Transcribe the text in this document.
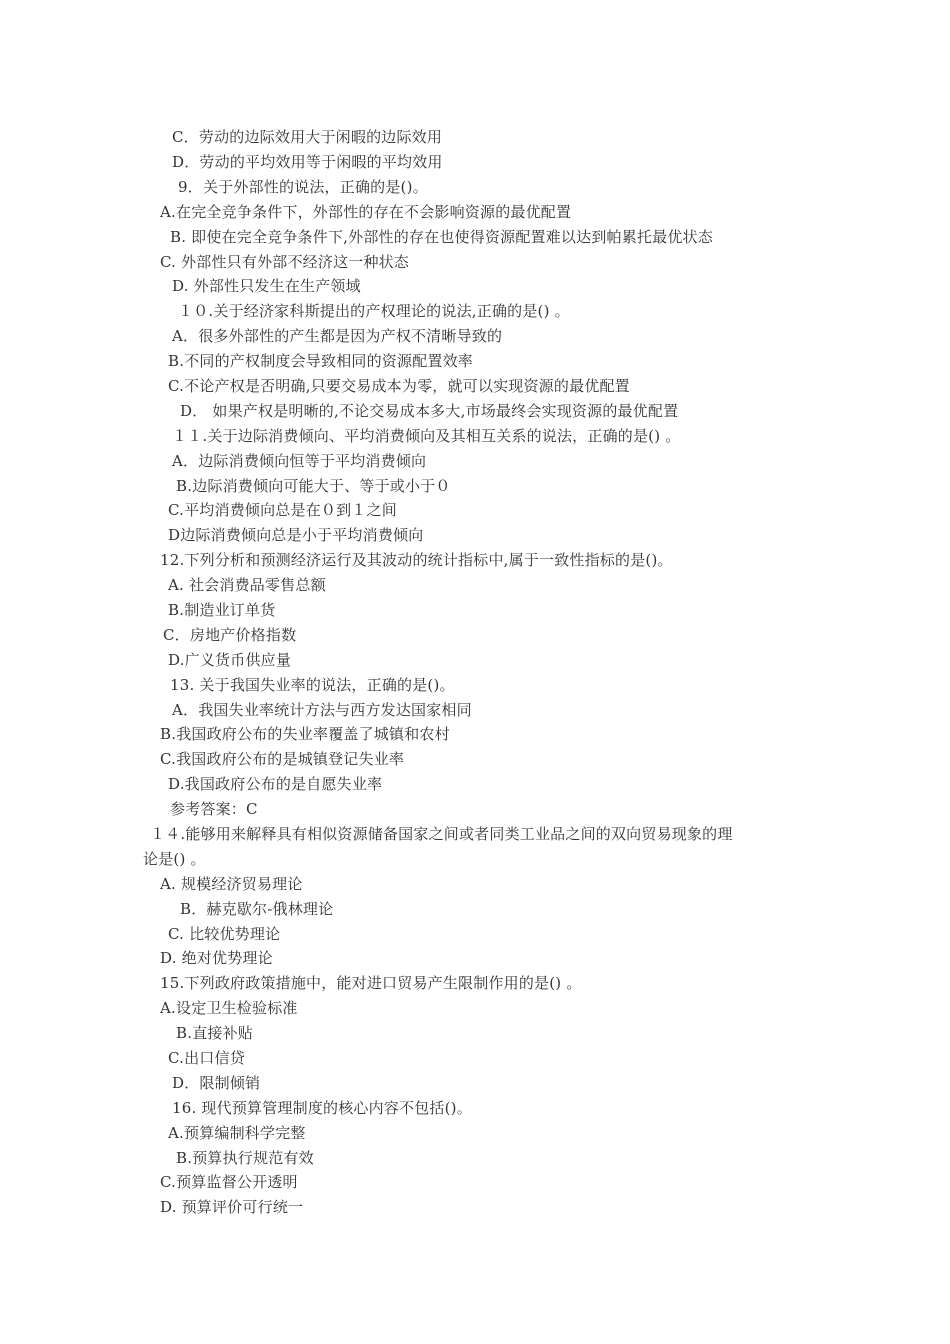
C．劳动的边际效用大于闲暇的边际效用
D．劳动的平均效用等于闲暇的平均效用
9．关于外部性的说法，正确的是()。
A.在完全竞争条件下，外部性的存在不会影响资源的最优配置
B. 即使在完全竞争条件下,外部性的存在也使得资源配置难以达到帕累托最优状态
C. 外部性只有外部不经济这一种状态
D. 外部性只发生在生产领域
１０.关于经济家科斯提出的产权理论的说法,正确的是() 。
A．很多外部性的产生都是因为产权不清晰导致的
B.不同的产权制度会导致相同的资源配置效率
C.不论产权是否明确,只要交易成本为零，就可以实现资源的最优配置
D． 如果产权是明晰的,不论交易成本多大,市场最终会实现资源的最优配置
１１.关于边际消费倾向、平均消费倾向及其相互关系的说法，正确的是() 。
A．边际消费倾向恒等于平均消费倾向
B.边际消费倾向可能大于、等于或小于０
C.平均消费倾向总是在０到１之间
D边际消费倾向总是小于平均消费倾向
12.下列分析和预测经济运行及其波动的统计指标中,属于一致性指标的是()。
A. 社会消费品零售总额
B.制造业订单货
C．房地产价格指数
D.广义货币供应量
13. 关于我国失业率的说法，正确的是()。
A．我国失业率统计方法与西方发达国家相同
B.我国政府公布的失业率覆盖了城镇和农村
C.我国政府公布的是城镇登记失业率
D.我国政府公布的是自愿失业率
参考答案：C
１４.能够用来解释具有相似资源储备国家之间或者同类工业品之间的双向贸易现象的理
论是() 。
A. 规模经济贸易理论
B．赫克歇尔-俄林理论
C. 比较优势理论
D. 绝对优势理论
15.下列政府政策措施中，能对进口贸易产生限制作用的是() 。
A.设定卫生检验标准
B.直接补贴
C.出口信贷
D．限制倾销
16. 现代预算管理制度的核心内容不包括()。
A.预算编制科学完整
B.预算执行规范有效
C.预算监督公开透明
D. 预算评价可行统一
